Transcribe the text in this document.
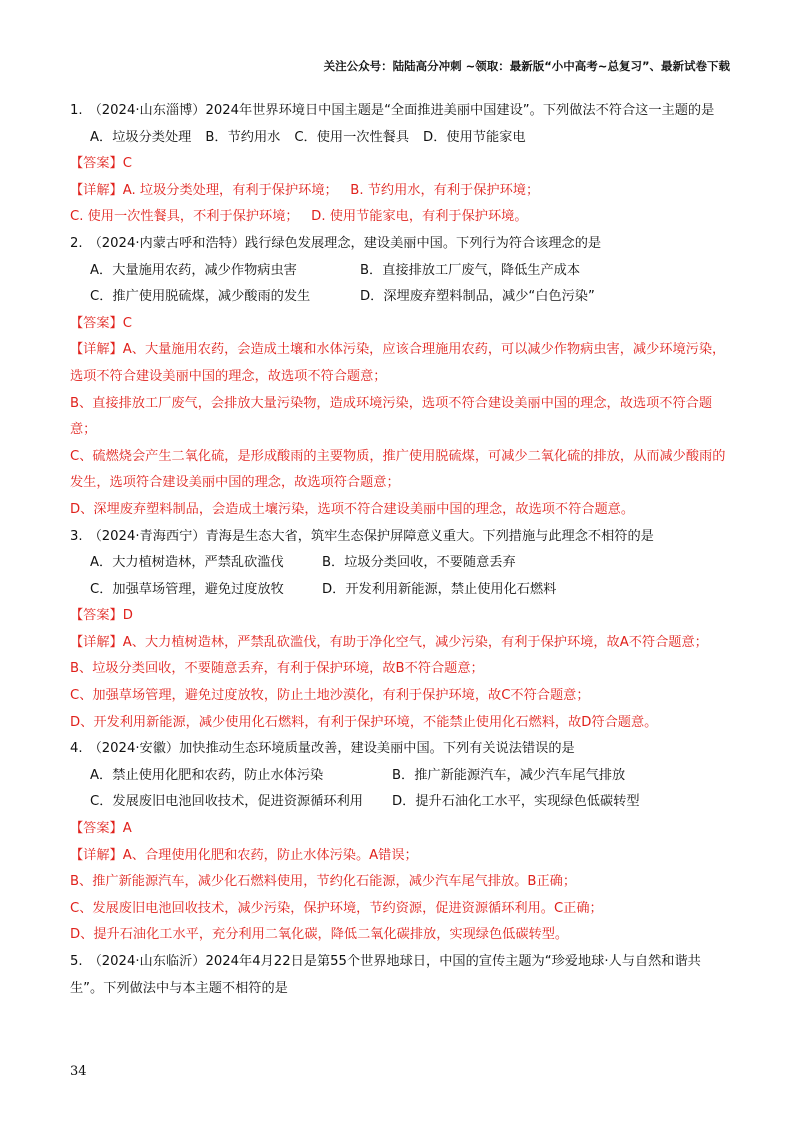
关注公众号：陆陆高分冲刺 ~领取：最新版“小中高考~总复习”、最新试卷下载
1. （2024·山东淄博）2024年世界环境日中国主题是“全面推进美丽中国建设”。下列做法不符合这一主题的是
A．垃圾分类处理 B．节约用水 C．使用一次性餐具 D．使用节能家电
【答案】C
【详解】A. 垃圾分类处理，有利于保护环境；   B. 节约用水，有利于保护环境；
C. 使用一次性餐具，不利于保护环境；   D. 使用节能家电，有利于保护环境。
2. （2024·内蒙古呼和浩特）践行绿色发展理念，建设美丽中国。下列行为符合该理念的是
A．大量施用农药，减少作物病虫害	B．直接排放工厂废气，降低生产成本
C．推广使用脱硫煤，减少酸雨的发生	D．深埋废弃塑料制品，减少“白色污染”
【答案】C
【详解】A、大量施用农药，会造成土壤和水体污染，应该合理施用农药，可以减少作物病虫害，减少环境污染，选项不符合建设美丽中国的理念，故选项不符合题意；
B、直接排放工厂废气，会排放大量污染物，造成环境污染，选项不符合建设美丽中国的理念，故选项不符合题意；
C、硫燃烧会产生二氧化硫，是形成酸雨的主要物质，推广使用脱硫煤，可减少二氧化硫的排放，从而减少酸雨的发生，选项符合建设美丽中国的理念，故选项符合题意；
D、深埋废弃塑料制品，会造成土壤污染，选项不符合建设美丽中国的理念，故选项不符合题意。
3. （2024·青海西宁）青海是生态大省，筑牢生态保护屏障意义重大。下列措施与此理念不相符的是
A．大力植树造林，严禁乱砍滥伐	B．垃圾分类回收，不要随意丢弃
C．加强草场管理，避免过度放牧	D．开发利用新能源，禁止使用化石燃料
【答案】D
【详解】A、大力植树造林，严禁乱砍滥伐，有助于净化空气，减少污染，有利于保护环境，故A不符合题意；
B、垃圾分类回收，不要随意丢弃，有利于保护环境，故B不符合题意；
C、加强草场管理，避免过度放牧，防止土地沙漠化，有利于保护环境，故C不符合题意；
D、开发利用新能源，减少使用化石燃料，有利于保护环境，不能禁止使用化石燃料，故D符合题意。
4. （2024·安徽）加快推动生态环境质量改善，建设美丽中国。下列有关说法错误的是
A．禁止使用化肥和农药，防止水体污染	B．推广新能源汽车，减少汽车尾气排放
C．发展废旧电池回收技术，促进资源循环利用	D．提升石油化工水平，实现绿色低碳转型
【答案】A
【详解】A、合理使用化肥和农药，防止水体污染。A错误；
B、推广新能源汽车，减少化石燃料使用，节约化石能源，减少汽车尾气排放。B正确；
C、发展废旧电池回收技术，减少污染，保护环境，节约资源，促进资源循环利用。C正确；
D、提升石油化工水平，充分利用二氧化碳，降低二氧化碳排放，实现绿色低碳转型。
5. （2024·山东临沂）2024年4月22日是第55个世界地球日，中国的宣传主题为“珍爱地球·人与自然和谐共生”。下列做法中与本主题不相符的是
34
